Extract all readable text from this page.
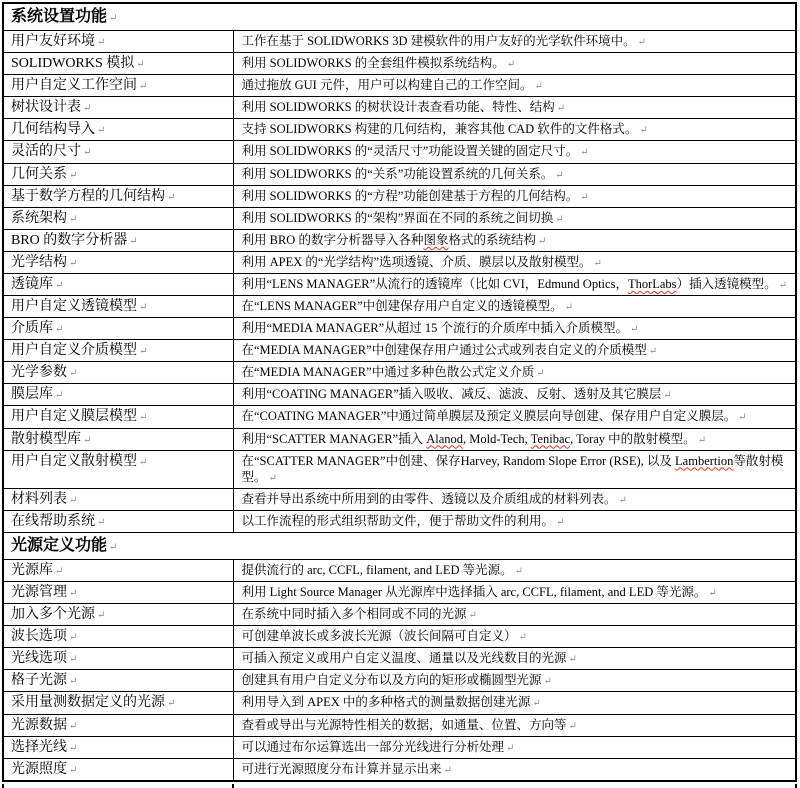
系统设置功能 ↵	
用户友好环境 ↵	工作在基于 SOLIDWORKS 3D 建模软件的用户友好的光学软件环境中。 ↵
SOLIDWORKS 模拟 ↵	利用 SOLIDWORKS 的全套组件模拟系统结构。 ↵
用户自定义工作空间 ↵	通过拖放 GUI 元件，用户可以构建自己的工作空间。 ↵
树状设计表 ↵	利用 SOLIDWORKS 的树状设计表查看功能、特性、结构 ↵
几何结构导入 ↵	支持 SOLIDWORKS 构建的几何结构，兼容其他 CAD 软件的文件格式。 ↵
灵活的尺寸 ↵	利用 SOLIDWORKS 的“灵活尺寸”功能设置关键的固定尺寸。 ↵
几何关系 ↵	利用 SOLIDWORKS 的“关系”功能设置系统的几何关系。 ↵
基于数学方程的几何结构 ↵	利用 SOLIDWORKS 的“方程”功能创建基于方程的几何结构。 ↵
系统架构 ↵	利用 SOLIDWORKS 的“架构”界面在不同的系统之间切换 ↵
BRO 的数字分析器 ↵	利用 BRO 的数字分析器导入各种图象格式的系统结构 ↵
光学结构 ↵	利用 APEX 的“光学结构”选项透镜、介质、膜层以及散射模型。 ↵
透镜库 ↵	利用“LENS MANAGER”从流行的透镜库（比如 CVI，Edmund Optics，ThorLabs）插入透镜模型。 ↵
用户自定义透镜模型 ↵	在“LENS MANAGER”中创建保存用户自定义的透镜模型。 ↵
介质库 ↵	利用“MEDIA MANAGER”从超过 15 个流行的介质库中插入介质模型。 ↵
用户自定义介质模型 ↵	在“MEDIA MANAGER”中创建保存用户通过公式或列表自定义的介质模型 ↵
光学参数 ↵	在“MEDIA MANAGER”中通过多种色散公式定义介质 ↵
膜层库 ↵	利用“COATING MANAGER”插入吸收、减反、滤波、反射、透射及其它膜层 ↵
用户自定义膜层模型 ↵	在“COATING MANAGER”中通过简单膜层及预定义膜层向导创建、保存用户自定义膜层。 ↵
散射模型库 ↵	利用“SCATTER MANAGER”插入 Alanod, Mold-Tech, Tenibac, Toray 中的散射模型。 ↵
用户自定义散射模型 ↵	在“SCATTER MANAGER”中创建、保存Harvey, Random Slope Error (RSE), 以及 Lambertion等散射模型。 ↵
材料列表 ↵	查看并导出系统中所用到的由零件、透镜以及介质组成的材料列表。 ↵
在线帮助系统 ↵	以工作流程的形式组织帮助文件，便于帮助文件的利用。 ↵
光源定义功能 ↵	
光源库 ↵	提供流行的 arc, CCFL, filament, and LED 等光源。 ↵
光源管理 ↵	利用 Light Source Manager 从光源库中选择插入 arc, CCFL, filament, and LED 等光源。 ↵
加入多个光源 ↵	在系统中同时插入多个相同或不同的光源 ↵
波长选项 ↵	可创建单波长或多波长光源（波长间隔可自定义） ↵
光线选项 ↵	可插入预定义或用户自定义温度、通量以及光线数目的光源 ↵
格子光源 ↵	创建具有用户自定义分布以及方向的矩形或椭圆型光源 ↵
采用量测数据定义的光源 ↵	利用导入到 APEX 中的多种格式的测量数据创建光源 ↵
光源数据 ↵	查看或导出与光源特性相关的数据，如通量、位置、方向等 ↵
选择光线 ↵	可以通过布尔运算选出一部分光线进行分析处理 ↵
光源照度 ↵	可进行光源照度分布计算并显示出来 ↵
